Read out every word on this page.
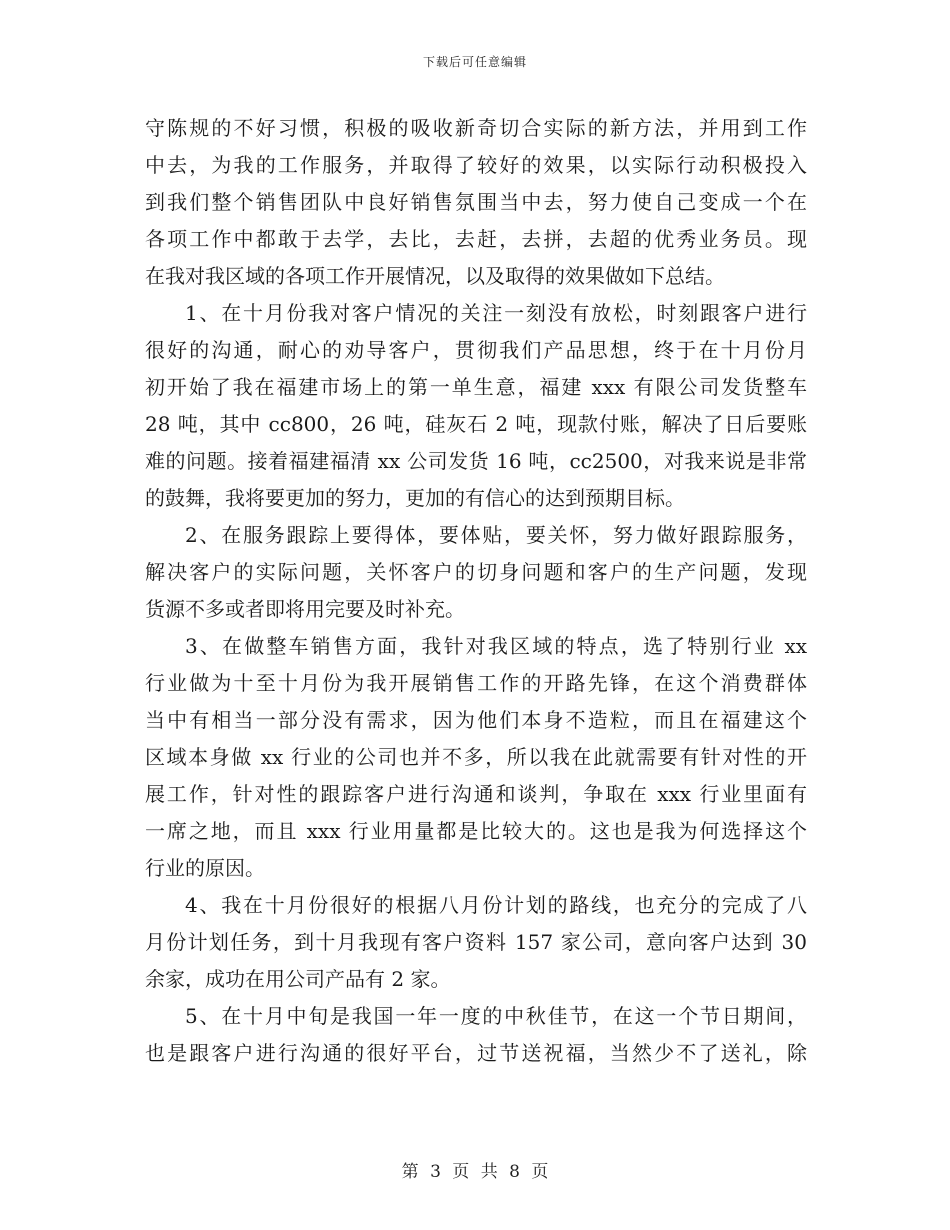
下载后可任意编辑
守陈规的不好习惯，积极的吸收新奇切合实际的新方法，并用到工作
中去，为我的工作服务，并取得了较好的效果，以实际行动积极投入
到我们整个销售团队中良好销售氛围当中去，努力使自己变成一个在
各项工作中都敢于去学，去比，去赶，去拼，去超的优秀业务员。现
在我对我区域的各项工作开展情况，以及取得的效果做如下总结。
1、在十月份我对客户情况的关注一刻没有放松，时刻跟客户进行
很好的沟通，耐心的劝导客户，贯彻我们产品思想，终于在十月份月
初开始了我在福建市场上的第一单生意，福建 xxx 有限公司发货整车
28 吨，其中 cc800，26 吨，硅灰石 2 吨，现款付账，解决了日后要账
难的问题。接着福建福清 xx 公司发货 16 吨，cc2500，对我来说是非常
的鼓舞，我将要更加的努力，更加的有信心的达到预期目标。
2、在服务跟踪上要得体，要体贴，要关怀，努力做好跟踪服务，
解决客户的实际问题，关怀客户的切身问题和客户的生产问题，发现
货源不多或者即将用完要及时补充。
3、在做整车销售方面，我针对我区域的特点，选了特别行业 xx
行业做为十至十月份为我开展销售工作的开路先锋，在这个消费群体
当中有相当一部分没有需求，因为他们本身不造粒，而且在福建这个
区域本身做 xx 行业的公司也并不多，所以我在此就需要有针对性的开
展工作，针对性的跟踪客户进行沟通和谈判，争取在 xxx 行业里面有
一席之地，而且 xxx 行业用量都是比较大的。这也是我为何选择这个
行业的原因。
4、我在十月份很好的根据八月份计划的路线，也充分的完成了八
月份计划任务，到十月我现有客户资料 157 家公司，意向客户达到 30
余家，成功在用公司产品有 2 家。
5、在十月中旬是我国一年一度的中秋佳节，在这一个节日期间，
也是跟客户进行沟通的很好平台，过节送祝福，当然少不了送礼，除
第 3 页 共 8 页
